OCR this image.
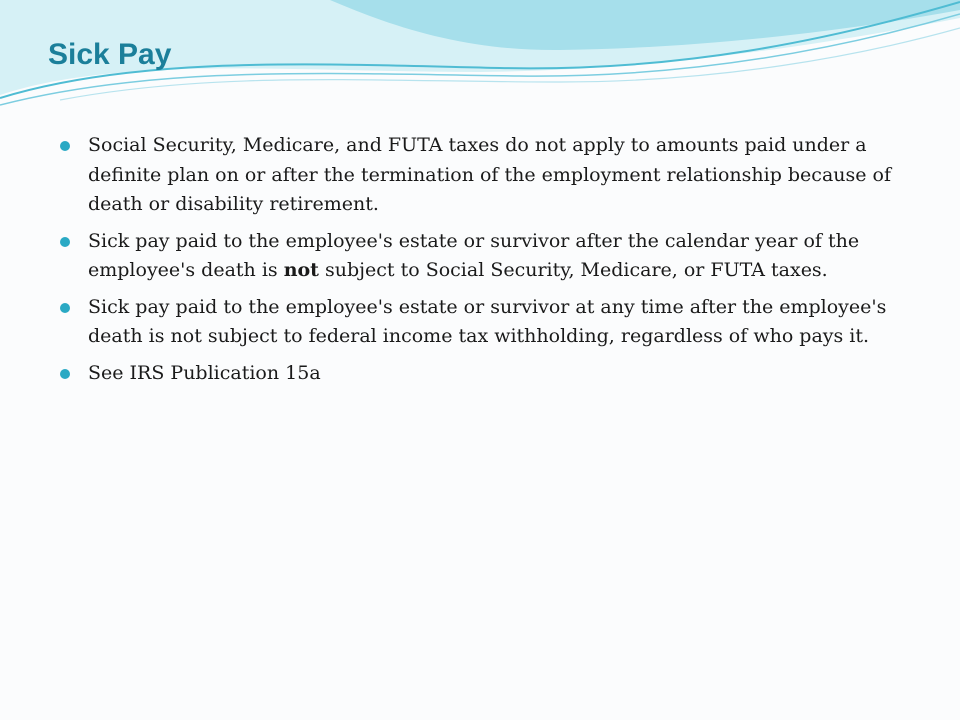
Sick Pay
Social Security, Medicare, and FUTA taxes do not apply to amounts paid under a definite plan on or after the termination of the employment relationship because of death or disability retirement.
Sick pay paid to the employee's estate or survivor after the calendar year of the employee's death is not subject to Social Security, Medicare, or FUTA taxes.
Sick pay paid to the employee's estate or survivor at any time after the employee's death is not subject to federal income tax withholding, regardless of who pays it.
See IRS Publication 15a
